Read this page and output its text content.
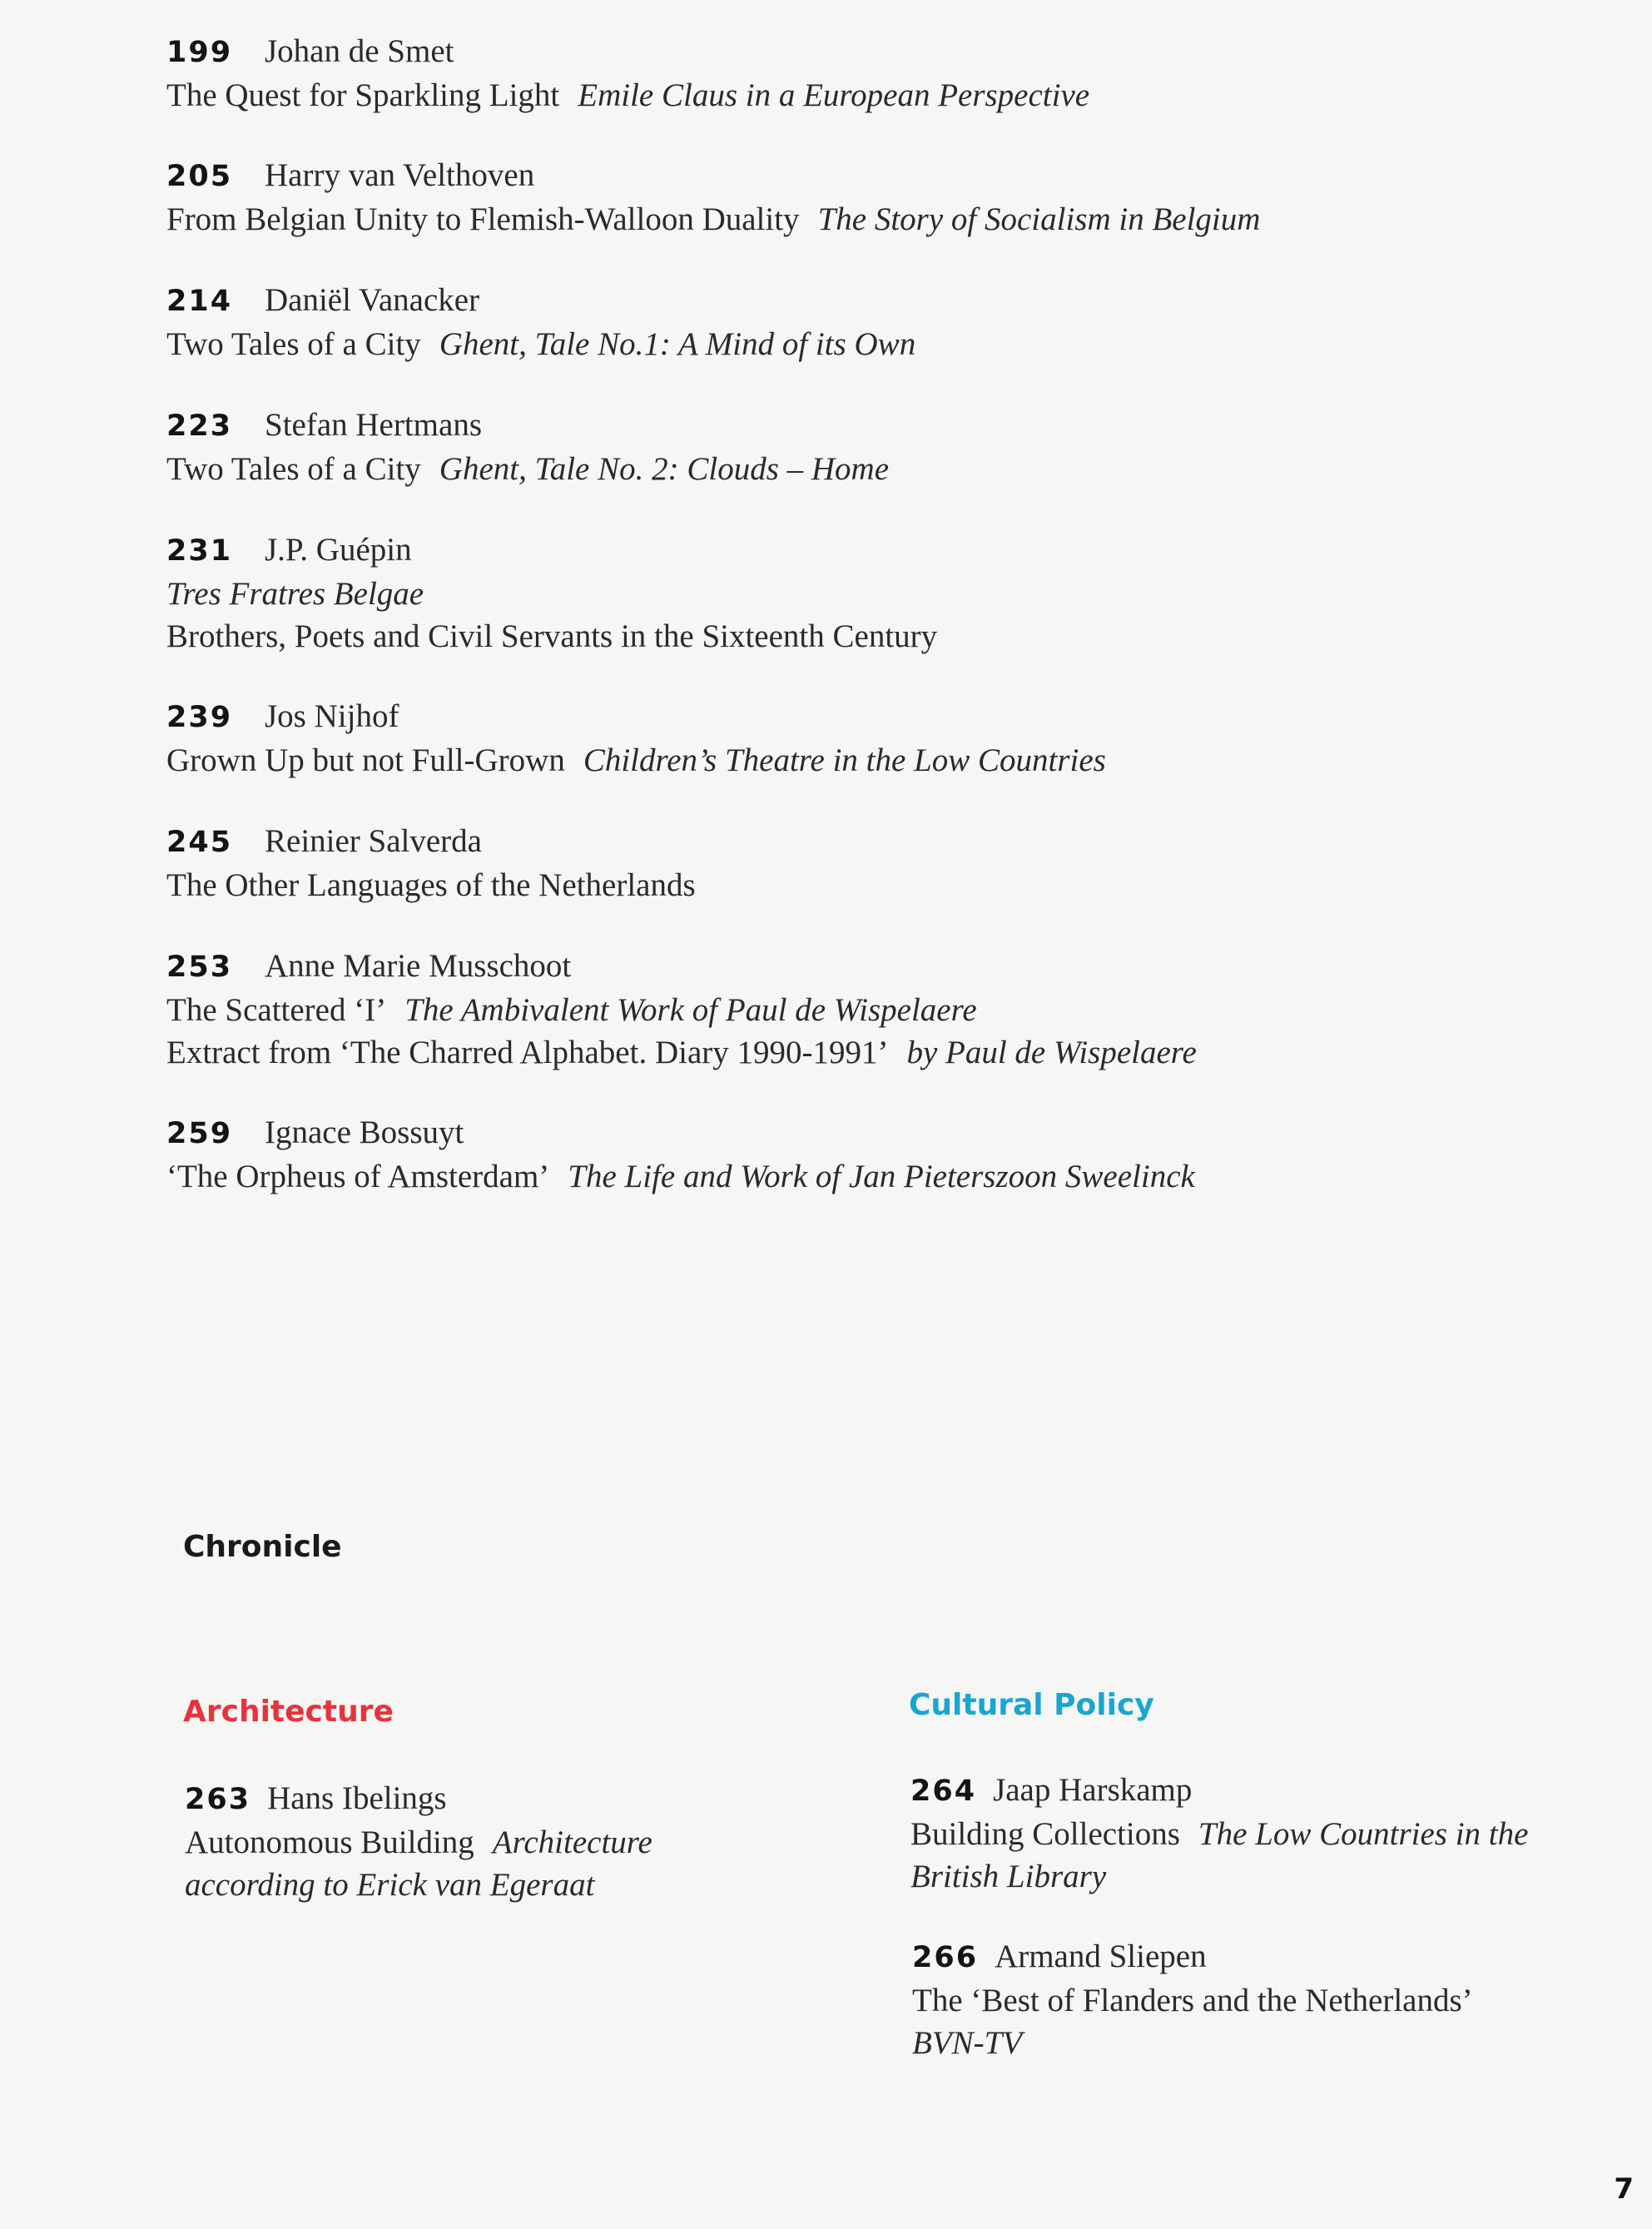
199 Johan de Smet
The Quest for Sparkling Light Emile Claus in a European Perspective
205 Harry van Velthoven
From Belgian Unity to Flemish-Walloon Duality The Story of Socialism in Belgium
214 Daniël Vanacker
Two Tales of a City Ghent, Tale No.1: A Mind of its Own
223 Stefan Hertmans
Two Tales of a City Ghent, Tale No. 2: Clouds – Home
231 J.P. Guépin
Tres Fratres Belgae
Brothers, Poets and Civil Servants in the Sixteenth Century
239 Jos Nijhof
Grown Up but not Full-Grown Children’s Theatre in the Low Countries
245 Reinier Salverda
The Other Languages of the Netherlands
253 Anne Marie Musschoot
The Scattered ‘I’ The Ambivalent Work of Paul de Wispelaere
Extract from ‘The Charred Alphabet. Diary 1990-1991’ by Paul de Wispelaere
259 Ignace Bossuyt
‘The Orpheus of Amsterdam’ The Life and Work of Jan Pieterszoon Sweelinck
Chronicle
Architecture
263 Hans Ibelings
Autonomous Building Architecture
according to Erick van Egeraat
Cultural Policy
264 Jaap Harskamp
Building Collections The Low Countries in the
British Library
266 Armand Sliepen
The ‘Best of Flanders and the Netherlands’
BVN-TV
7
